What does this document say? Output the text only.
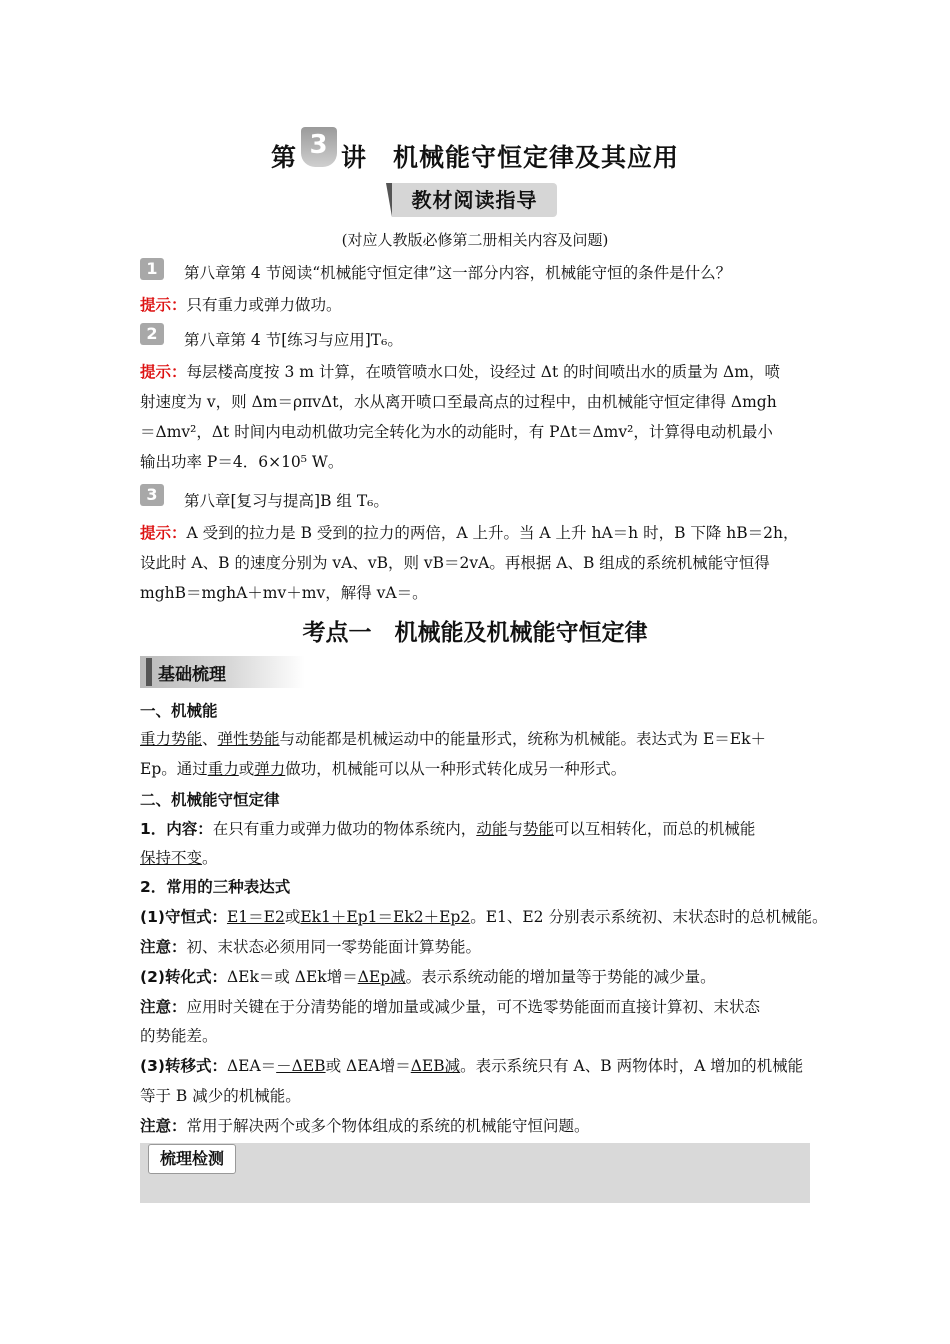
第 3 讲　机械能守恒定律及其应用
教材阅读指导
(对应人教版必修第二册相关内容及问题)
1	第八章第 4 节阅读“机械能守恒定律”这一部分内容，机械能守恒的条件是什么？
提示：只有重力或弹力做功。
2	第八章第 4 节[练习与应用]T₆。
提示：每层楼高度按 3 m 计算，在喷管喷水口处，设经过 Δt 的时间喷出水的质量为 Δm，喷
射速度为 v，则 Δm＝ρπvΔt，水从离开喷口至最高点的过程中，由机械能守恒定律得 Δmgh
＝Δmv²，Δt 时间内电动机做功完全转化为水的动能时，有 PΔt＝Δmv²，计算得电动机最小
输出功率 P＝4．6×10⁵ W。
3	第八章[复习与提高]B 组 T₆。
提示：A 受到的拉力是 B 受到的拉力的两倍，A 上升。当 A 上升 hA＝h 时，B 下降 hB＝2h，
设此时 A、B 的速度分别为 vA、vB，则 vB＝2vA。再根据 A、B 组成的系统机械能守恒得
mghB＝mghA＋mv＋mv，解得 vA＝。
考点一　机械能及机械能守恒定律
基础梳理
一、机械能
重力势能、弹性势能与动能都是机械运动中的能量形式，统称为机械能。表达式为 E＝Ek＋
Ep。通过重力或弹力做功，机械能可以从一种形式转化成另一种形式。
二、机械能守恒定律
1．内容：在只有重力或弹力做功的物体系统内，动能与势能可以互相转化，而总的机械能
保持不变。
2．常用的三种表达式
(1)守恒式：E1＝E2或Ek1＋Ep1＝Ek2＋Ep2。E1、E2 分别表示系统初、末状态时的总机械能。
注意：初、末状态必须用同一零势能面计算势能。
(2)转化式：ΔEk＝或 ΔEk增＝ΔEp减。表示系统动能的增加量等于势能的减少量。
注意：应用时关键在于分清势能的增加量或减少量，可不选零势能面而直接计算初、末状态
的势能差。
(3)转移式：ΔEA＝－ΔEB或 ΔEA增＝ΔEB减。表示系统只有 A、B 两物体时，A 增加的机械能
等于 B 减少的机械能。
注意：常用于解决两个或多个物体组成的系统的机械能守恒问题。
梳理检测
